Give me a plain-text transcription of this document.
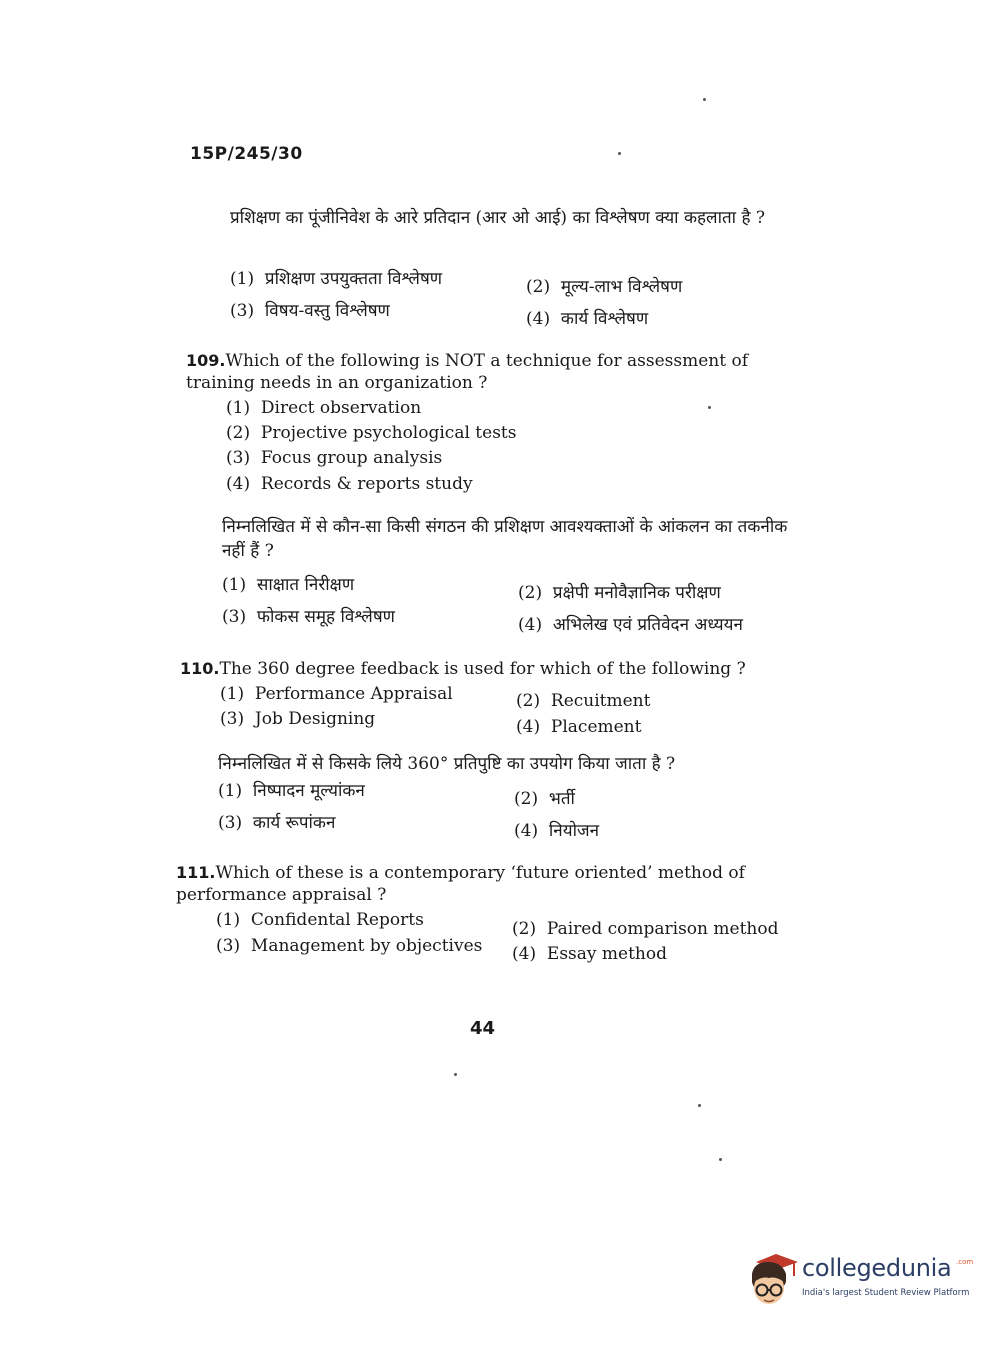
15P/245/30
प्रशिक्षण का पूंजीनिवेश के आरे प्रतिदान (आर ओ आई) का विश्लेषण क्या कहलाता है ?
(1) प्रशिक्षण उपयुक्तता विश्लेषण	(2) मूल्य-लाभ विश्लेषण
(3) विषय-वस्तु विश्लेषण	(4) कार्य विश्लेषण
109.Which of the following is NOT a technique for assessment of training needs in an organization ?
(1) Direct observation
(2) Projective psychological tests
(3) Focus group analysis
(4) Records & reports study
निम्नलिखित में से कौन-सा किसी संगठन की प्रशिक्षण आवश्यक्ताओं के आंकलन का तकनीक नहीं हैं ?
(1) साक्षात निरीक्षण	(2) प्रक्षेपी मनोवैज्ञानिक परीक्षण
(3) फोकस समूह विश्लेषण	(4) अभिलेख एवं प्रतिवेदन अध्ययन
110.The 360 degree feedback is used for which of the following ?
(1) Performance Appraisal	(2) Recuitment
(3) Job Designing	(4) Placement
निम्नलिखित में से किसके लिये 360° प्रतिपुष्टि का उपयोग किया जाता है ?
(1) निष्पादन मूल्यांकन	(2) भर्ती
(3) कार्य रूपांकन	(4) नियोजन
111.Which of these is a contemporary ‘future oriented’ method of performance appraisal ?
(1) Confidental Reports	(2) Paired comparison method
(3) Management by objectives (4) Essay method
44
collegedunia .com
India's largest Student Review Platform
